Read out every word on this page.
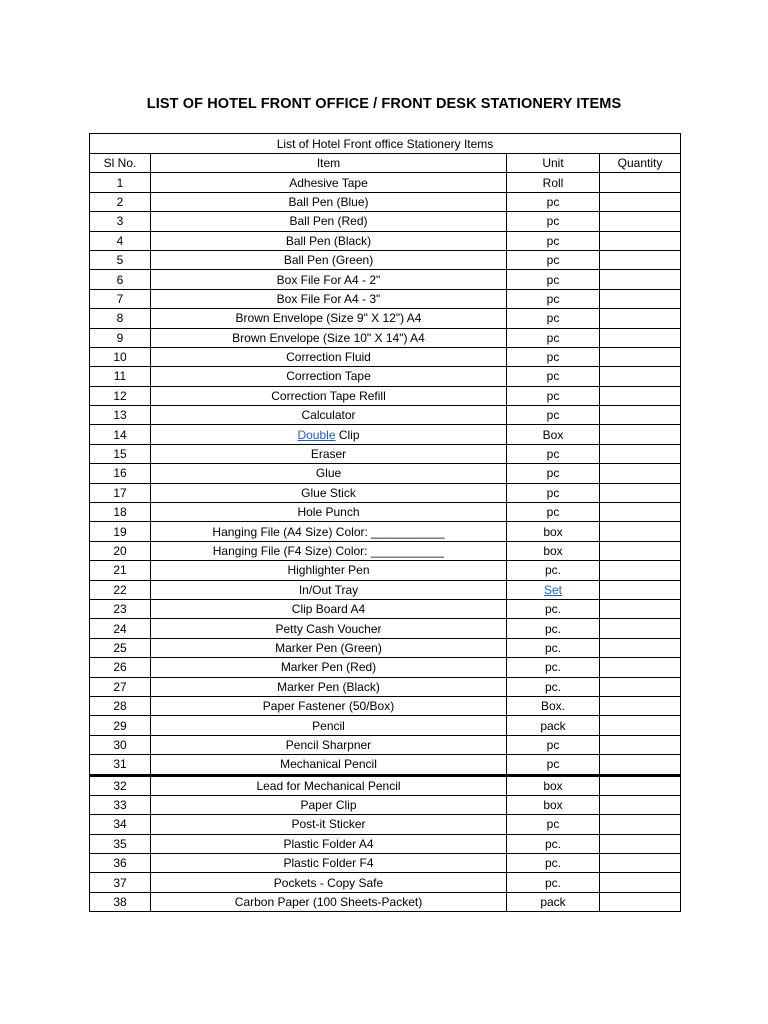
LIST OF HOTEL FRONT OFFICE / FRONT DESK STATIONERY ITEMS
List of Hotel Front office Stationery Items			
Sl No.	Item	Unit	Quantity
1	Adhesive Tape	Roll	
2	Ball Pen (Blue)	pc	
3	Ball Pen (Red)	pc	
4	Ball Pen (Black)	pc	
5	Ball Pen (Green)	pc	
6	Box File For A4 - 2"	pc	
7	Box File For A4 - 3"	pc	
8	Brown Envelope (Size 9" X 12") A4	pc	
9	Brown Envelope (Size 10" X 14") A4	pc	
10	Correction Fluid	pc	
11	Correction Tape	pc	
12	Correction Tape Refill	pc	
13	Calculator	pc	
14	Double Clip	Box	
15	Eraser	pc	
16	Glue	pc	
17	Glue Stick	pc	
18	Hole Punch	pc	
19	Hanging File (A4 Size) Color: ___________	box	
20	Hanging File (F4 Size) Color: ___________	box	
21	Highlighter Pen	pc.	
22	In/Out Tray	Set	
23	Clip Board A4	pc.	
24	Petty Cash Voucher	pc.	
25	Marker Pen (Green)	pc.	
26	Marker Pen (Red)	pc.	
27	Marker Pen (Black)	pc.	
28	Paper Fastener (50/Box)	Box.	
29	Pencil	pack	
30	Pencil Sharpner	pc	
31	Mechanical Pencil	pc	
32	Lead for Mechanical Pencil	box	
33	Paper Clip	box	
34	Post-it Sticker	pc	
35	Plastic Folder A4	pc.	
36	Plastic Folder F4	pc.	
37	Pockets - Copy Safe	pc.	
38	Carbon Paper (100 Sheets-Packet)	pack	
